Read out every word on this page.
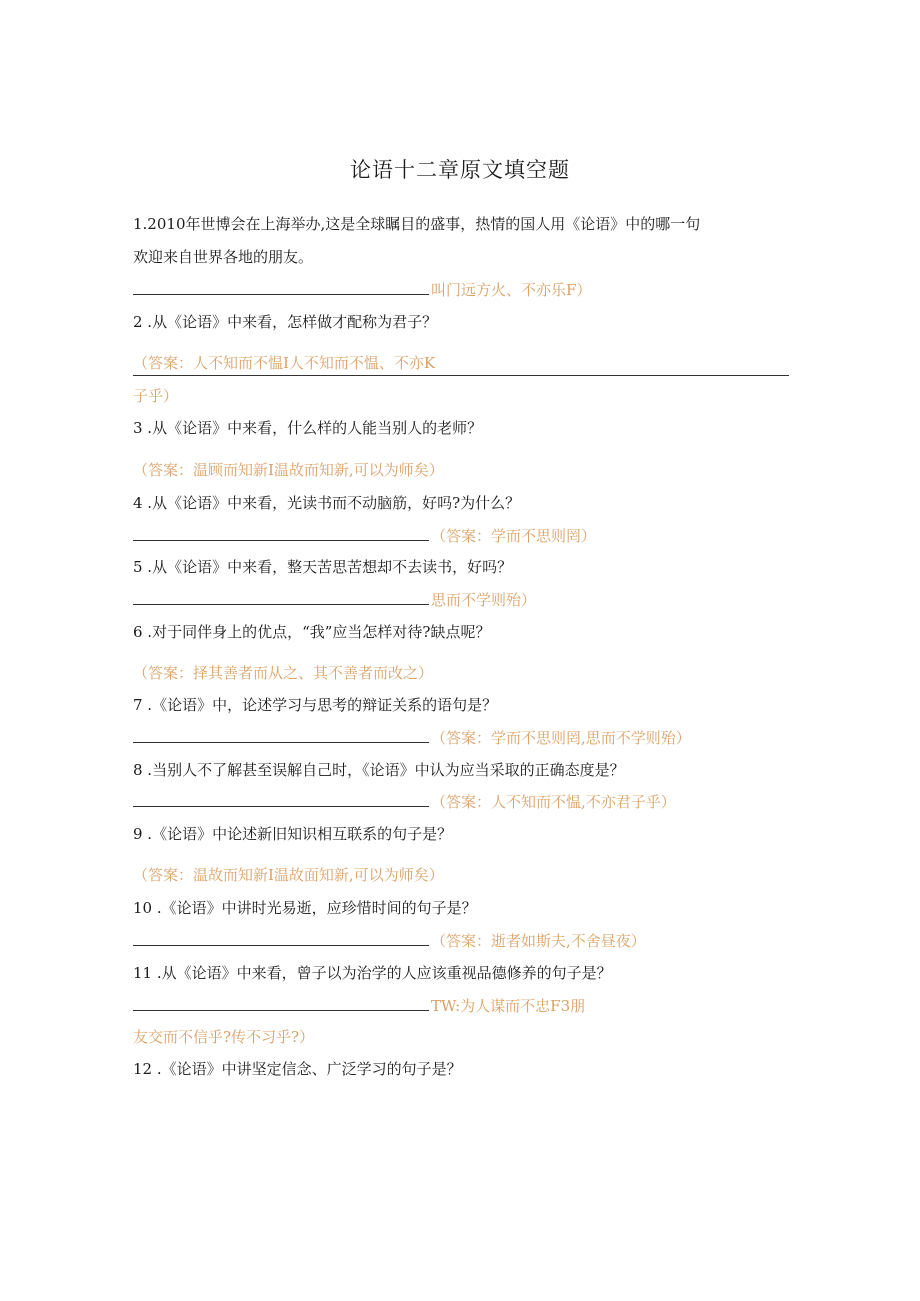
论语十二章原文填空题
1.2010年世博会在上海举办,这是全球瞩目的盛事，热情的国人用《论语》中的哪一句
欢迎来自世界各地的朋友。
叫门远方火、不亦乐F）
2 .从《论语》中来看，怎样做才配称为君子？
（答案：人不知而不愠I人不知而不愠、不亦K
子乎）
3 .从《论语》中来看，什么样的人能当别人的老师？
（答案：温顾而知新I温故而知新,可以为师矣）
4 .从《论语》中来看，光读书而不动脑筋，好吗?为什么？
（答案：学而不思则罔）
5 .从《论语》中来看，整天苦思苦想却不去读书，好吗？
思而不学则殆）
6 .对于同伴身上的优点，“我”应当怎样对待?缺点呢？
（答案：择其善者而从之、其不善者而改之）
7 .《论语》中，论述学习与思考的辩证关系的语句是？
（答案：学而不思则罔,思而不学则殆）
8 .当别人不了解甚至误解自己时，《论语》中认为应当采取的正确态度是？
（答案：人不知而不愠,不亦君子乎）
9 .《论语》中论述新旧知识相互联系的句子是？
（答案：温故而知新I温故面知新,可以为师矣）
10 .《论语》中讲时光易逝，应珍惜时间的句子是？
（答案：逝者如斯夫,不舍昼夜）
11 .从《论语》中来看，曾子以为治学的人应该重视品德修养的句子是？
TW:为人谋而不忠F3朋
友交而不信乎?传不习乎?）
12 .《论语》中讲坚定信念、广泛学习的句子是？
